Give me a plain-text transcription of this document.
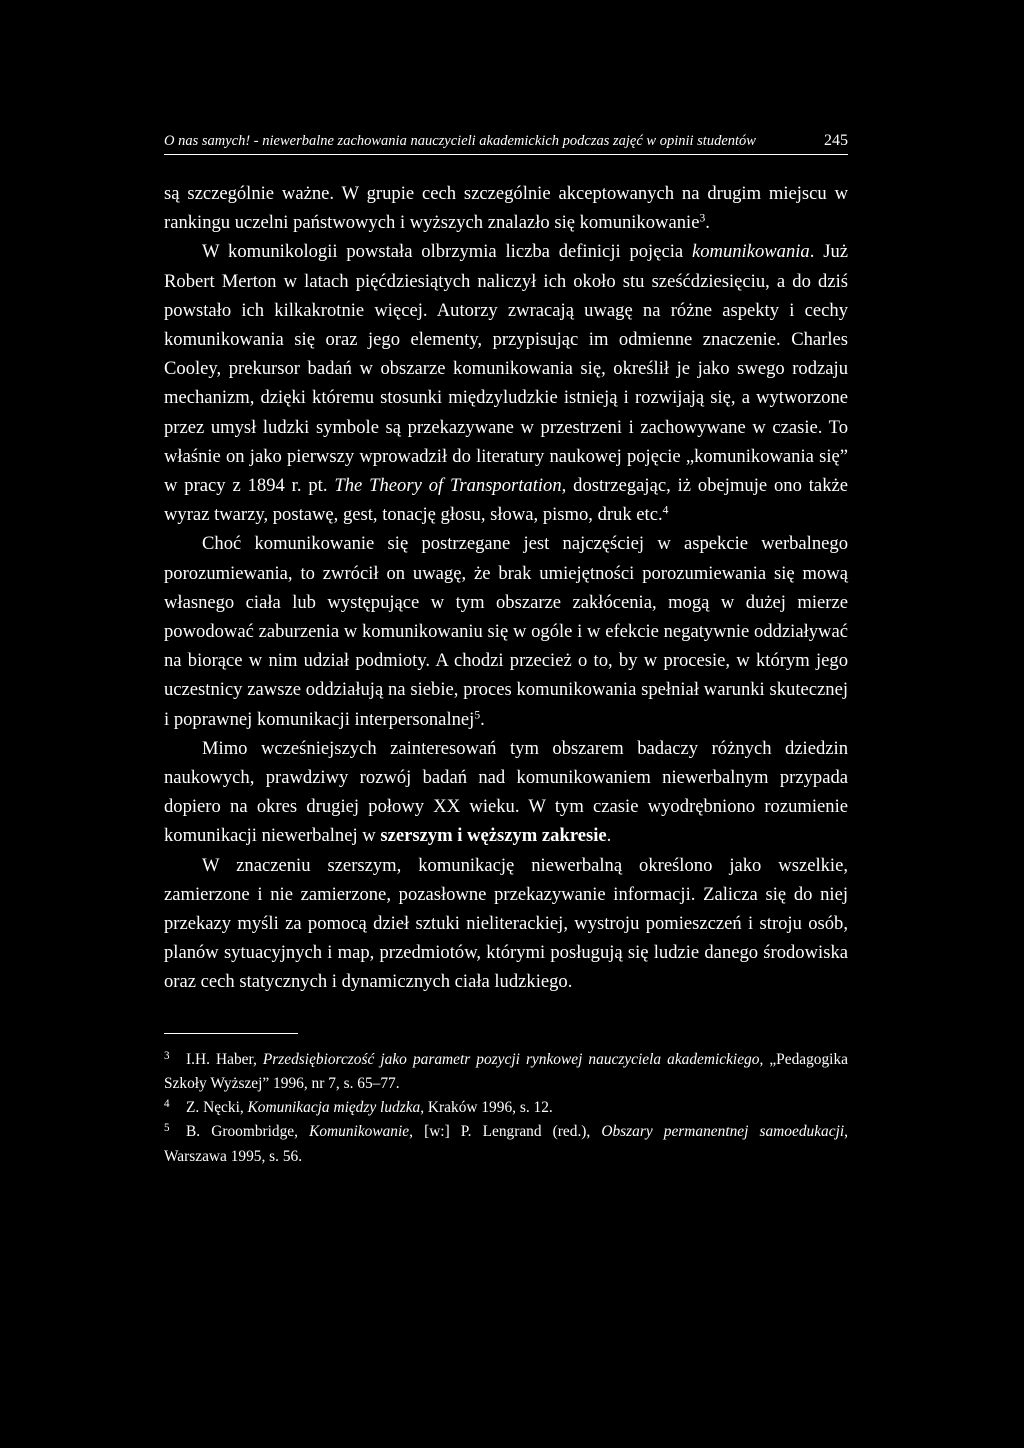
O nas samych! - niewerbalne zachowania nauczycieli akademickich podczas zajęć w opinii studentów	245

są szczególnie ważne. W grupie cech szczególnie akceptowanych na drugim miejscu w rankingu uczelni państwowych i wyższych znalazło się komunikowanie$^3$.

W komunikologii powstała olbrzymia liczba definicji pojęcia komunikowania. Już Robert Merton w latach pięćdziesiątych naliczył ich około stu sześćdziesięciu, a do dziś powstało ich kilkakrotnie więcej. Autorzy zwracają uwagę na różne aspekty i cechy komunikowania się oraz jego elementy, przypisując im odmienne znaczenie. Charles Cooley, prekursor badań w obszarze komunikowania się, określił je jako swego rodzaju mechanizm, dzięki któremu stosunki międzyludzkie istnieją i rozwijają się, a wytworzone przez umysł ludzki symbole są przekazywane w przestrzeni i zachowywane w czasie. To właśnie on jako pierwszy wprowadził do literatury naukowej pojęcie „komunikowania się” w pracy z 1894 r. pt. The Theory of Transportation, dostrzegając, iż obejmuje ono także wyraz twarzy, postawę, gest, tonację głosu, słowa, pismo, druk etc.$^4$

Choć komunikowanie się postrzegane jest najczęściej w aspekcie werbalnego porozumiewania, to zwrócił on uwagę, że brak umiejętności porozumiewania się mową własnego ciała lub występujące w tym obszarze zakłócenia, mogą w dużej mierze powodować zaburzenia w komunikowaniu się w ogóle i w efekcie negatywnie oddziaływać na biorące w nim udział podmioty. A chodzi przecież o to, by w procesie, w którym jego uczestnicy zawsze oddziałują na siebie, proces komunikowania spełniał warunki skutecznej i poprawnej komunikacji interpersonalnej$^5$.

Mimo wcześniejszych zainteresowań tym obszarem badaczy różnych dziedzin naukowych, prawdziwy rozwój badań nad komunikowaniem niewerbalnym przypada dopiero na okres drugiej połowy XX wieku. W tym czasie wyodrębniono rozumienie komunikacji niewerbalnej w szerszym i węższym zakresie.

W znaczeniu szerszym, komunikację niewerbalną określono jako wszelkie, zamierzone i nie zamierzone, pozasłowne przekazywanie informacji. Zalicza się do niej przekazy myśli za pomocą dzieł sztuki nieliterackiej, wystroju pomieszczeń i stroju osób, planów sytuacyjnych i map, przedmiotów, którymi posługują się ludzie danego środowiska oraz cech statycznych i dynamicznych ciała ludzkiego.

3 I.H. Haber, Przedsiębiorczość jako parametr pozycji rynkowej nauczyciela akademickiego, „Pedagogika Szkoły Wyższej” 1996, nr 7, s. 65–77.

4 Z. Nęcki, Komunikacja między ludzka, Kraków 1996, s. 12.

5 B. Groombridge, Komunikowanie, [w:] P. Lengrand (red.), Obszary permanentnej samoedukacji, Warszawa 1995, s. 56.
